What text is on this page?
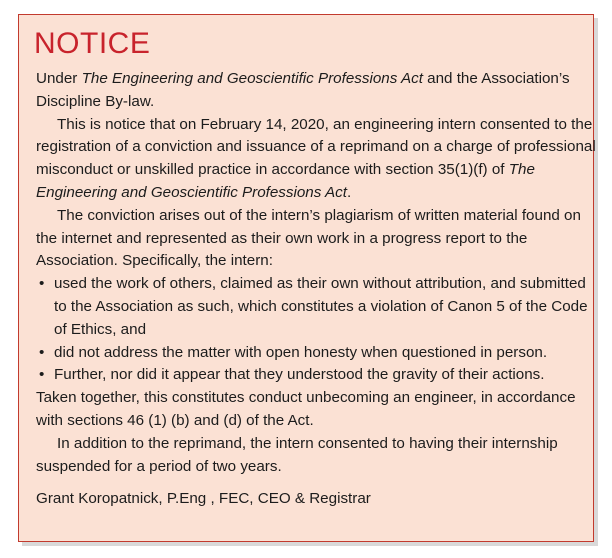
NOTICE

Under The Engineering and Geoscientific Professions Act and the Association’s Discipline By-law.

This is notice that on February 14, 2020, an engineering intern consented to the registration of a conviction and issuance of a reprimand on a charge of professional misconduct or unskilled practice in accordance with section 35(1)(f) of The Engineering and Geoscientific Professions Act.

The conviction arises out of the intern’s plagiarism of written material found on the internet and represented as their own work in a progress report to the Association. Specifically, the intern:

• used the work of others, claimed as their own without attribution, and submitted to the Association as such, which constitutes a violation of Canon 5 of the Code of Ethics, and
• did not address the matter with open honesty when questioned in person.
• Further, nor did it appear that they understood the gravity of their actions.

Taken together, this constitutes conduct unbecoming an engineer, in accordance with sections 46 (1) (b) and (d) of the Act.

In addition to the reprimand, the intern consented to having their internship suspended for a period of two years.

Grant Koropatnick, P.Eng , FEC, CEO & Registrar
